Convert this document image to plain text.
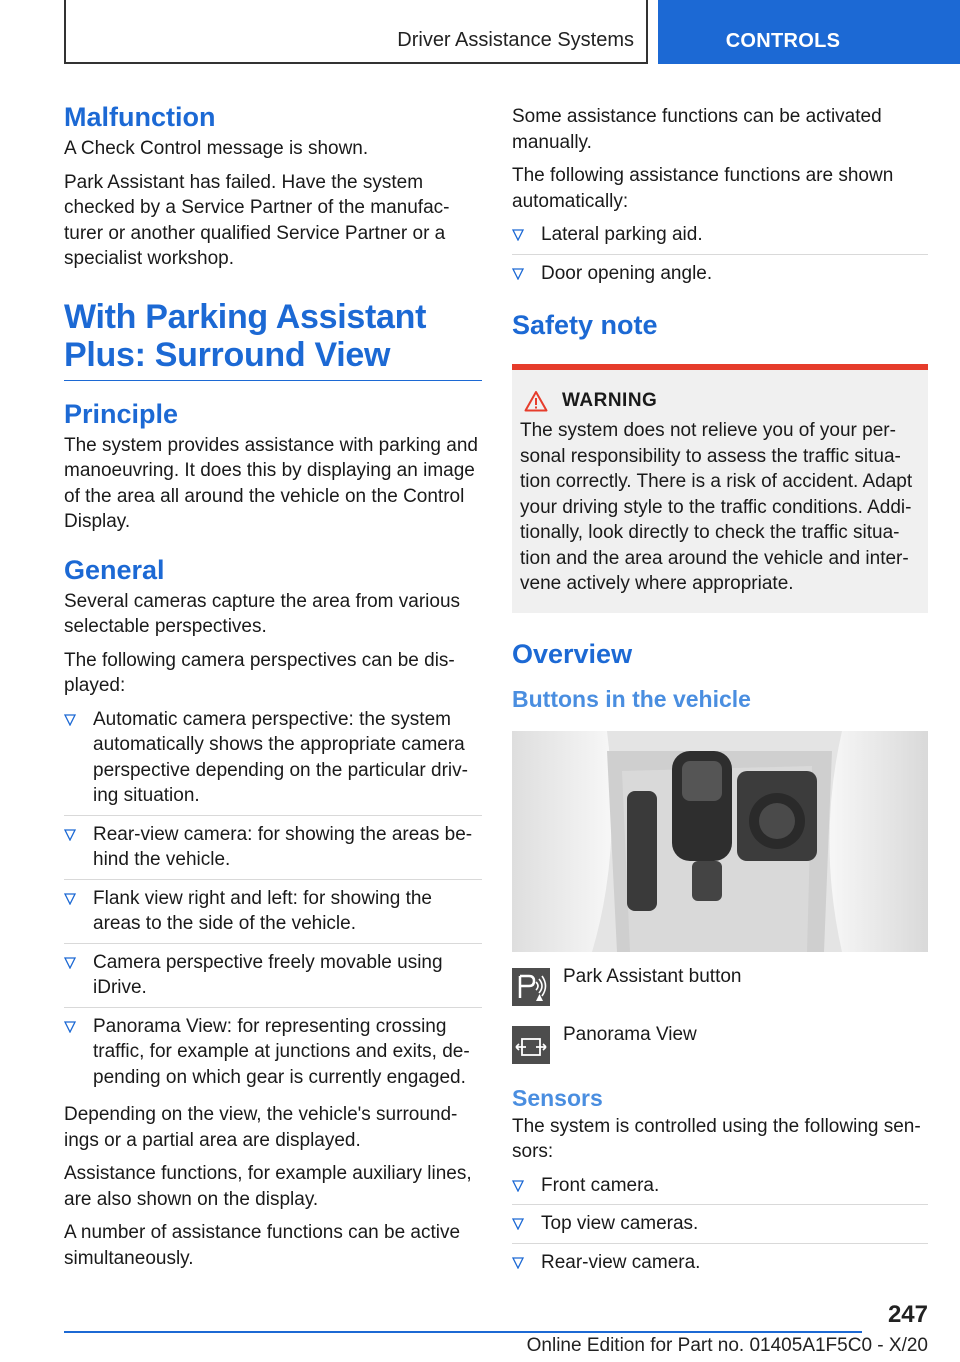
Driver Assistance Systems	CONTROLS
Malfunction

A Check Control message is shown.

Park Assistant has failed. Have the system checked by a Service Partner of the manufac-turer or another qualified Service Partner or a specialist workshop.

With Parking Assistant Plus: Surround View
Principle

The system provides assistance with parking and manoeuvring. It does this by displaying an image of the area all around the vehicle on the Control Display.

General

Several cameras capture the area from various selectable perspectives.

The following camera perspectives can be dis-played:

Automatic camera perspective: the system automatically shows the appropriate camera perspective depending on the particular driv-ing situation.
Rear-view camera: for showing the areas be-hind the vehicle.
Flank view right and left: for showing the areas to the side of the vehicle.
Camera perspective freely movable using iDrive.
Panorama View: for representing crossing traffic, for example at junctions and exits, de-pending on which gear is currently engaged.

Depending on the view, the vehicle's surround-ings or a partial area are displayed.

Assistance functions, for example auxiliary lines, are also shown on the display.

A number of assistance functions can be active simultaneously.

Some assistance functions can be activated manually.

The following assistance functions are shown automatically:

Lateral parking aid.
Door opening angle.
Safety note
WARNING

The system does not relieve you of your per-sonal responsibility to assess the traffic situa-tion correctly. There is a risk of accident. Adapt your driving style to the traffic conditions. Addi-tionally, look directly to check the traffic situa-tion and the area around the vehicle and inter-vene actively where appropriate.

Overview
Buttons in the vehicle
Park Assistant button
Panorama View
Sensors

The system is controlled using the following sen-sors:

Front camera.
Top view cameras.
Rear-view camera.
247
Online Edition for Part no. 01405A1F5C0 - X/20
